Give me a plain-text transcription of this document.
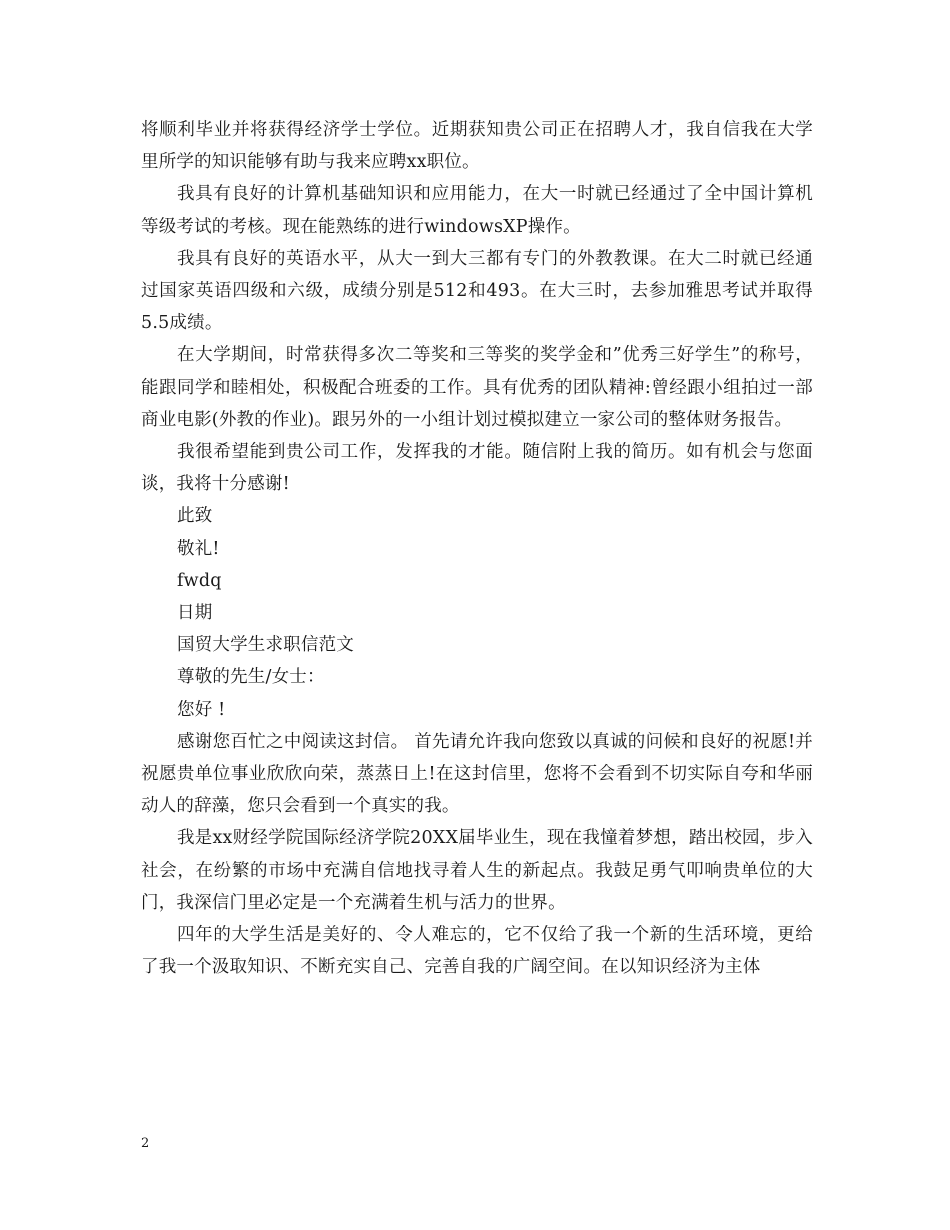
将顺利毕业并将获得经济学士学位。近期获知贵公司正在招聘人才，我自信我在大学里所学的知识能够有助与我来应聘xx职位。

我具有良好的计算机基础知识和应用能力，在大一时就已经通过了全中国计算机等级考试的考核。现在能熟练的进行windowsXP操作。

我具有良好的英语水平，从大一到大三都有专门的外教教课。在大二时就已经通过国家英语四级和六级，成绩分别是512和493。在大三时，去参加雅思考试并取得5.5成绩。

在大学期间，时常获得多次二等奖和三等奖的奖学金和”优秀三好学生”的称号，能跟同学和睦相处，积极配合班委的工作。具有优秀的团队精神:曾经跟小组拍过一部商业电影(外教的作业)。跟另外的一小组计划过模拟建立一家公司的整体财务报告。

我很希望能到贵公司工作，发挥我的才能。随信附上我的简历。如有机会与您面谈，我将十分感谢!

此致

敬礼!

fwdq

日期

国贸大学生求职信范文

尊敬的先生/女士：

您好 !

感谢您百忙之中阅读这封信。 首先请允许我向您致以真诚的问候和良好的祝愿!并祝愿贵单位事业欣欣向荣，蒸蒸日上!在这封信里，您将不会看到不切实际自夸和华丽动人的辞藻，您只会看到一个真实的我。

我是xx财经学院国际经济学院20XX届毕业生，现在我憧着梦想，踏出校园，步入社会，在纷繁的市场中充满自信地找寻着人生的新起点。我鼓足勇气叩响贵单位的大门，我深信门里必定是一个充满着生机与活力的世界。

四年的大学生活是美好的、令人难忘的，它不仅给了我一个新的生活环境，更给了我一个汲取知识、不断充实自己、完善自我的广阔空间。在以知识经济为主体

2
